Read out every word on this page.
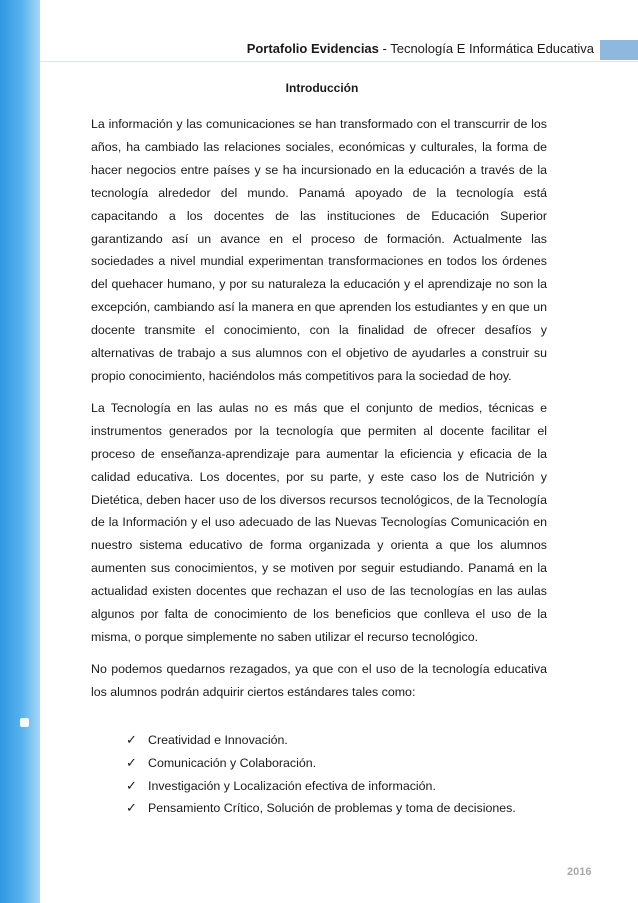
Portafolio Evidencias - Tecnología E Informática Educativa
Introducción

La información y las comunicaciones se han transformado con el transcurrir de los años, ha cambiado las relaciones sociales, económicas y culturales, la forma de hacer negocios entre países y se ha incursionado en la educación a través de la tecnología alrededor del mundo. Panamá apoyado de la tecnología está capacitando a los docentes de las instituciones de Educación Superior garantizando así un avance en el proceso de formación. Actualmente las sociedades a nivel mundial experimentan transformaciones en todos los órdenes del quehacer humano, y por su naturaleza la educación y el aprendizaje no son la excepción, cambiando así la manera en que aprenden los estudiantes y en que un docente transmite el conocimiento, con la finalidad de ofrecer desafíos y alternativas de trabajo a sus alumnos con el objetivo de ayudarles a construir su propio conocimiento, haciéndolos más competitivos para la sociedad de hoy.

La Tecnología en las aulas no es más que el conjunto de medios, técnicas e instrumentos generados por la tecnología que permiten al docente facilitar el proceso de enseñanza-aprendizaje para aumentar la eficiencia y eficacia de la calidad educativa. Los docentes, por su parte, y este caso los de Nutrición y Dietética, deben hacer uso de los diversos recursos tecnológicos, de la Tecnología de la Información y el uso adecuado de las Nuevas Tecnologías Comunicación en nuestro sistema educativo de forma organizada y orienta a que los alumnos aumenten sus conocimientos, y se motiven por seguir estudiando. Panamá en la actualidad existen docentes que rechazan el uso de las tecnologías en las aulas algunos por falta de conocimiento de los beneficios que conlleva el uso de la misma, o porque simplemente no saben utilizar el recurso tecnológico.

No podemos quedarnos rezagados, ya que con el uso de la tecnología educativa los alumnos podrán adquirir ciertos estándares tales como:

✓ Creatividad e Innovación.
✓ Comunicación y Colaboración.
✓ Investigación y Localización efectiva de información.
✓ Pensamiento Crítico, Solución de problemas y toma de decisiones.
2016
